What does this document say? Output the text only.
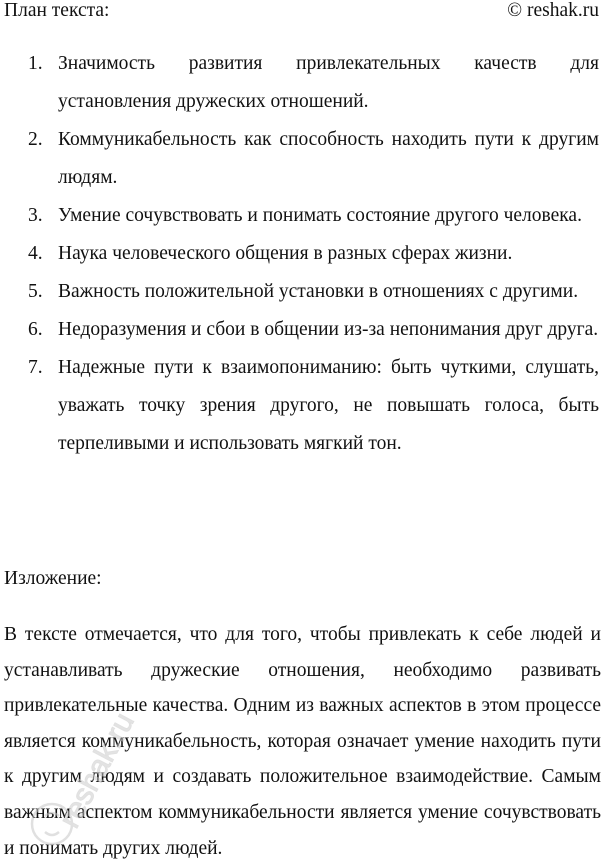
План текста:	© reshak.ru
1. Значимость развития привлекательных качеств для установления дружеских отношений.
2. Коммуникабельность как способность находить пути к другим людям.
3. Умение сочувствовать и понимать состояние другого человека.
4. Наука человеческого общения в разных сферах жизни.
5. Важность положительной установки в отношениях с другими.
6. Недоразумения и сбои в общении из-за непонимания друг друга.
7. Надежные пути к взаимопониманию: быть чуткими, слушать, уважать точку зрения другого, не повышать голоса, быть терпеливыми и использовать мягкий тон.
Изложение:

В тексте отмечается, что для того, чтобы привлекать к себе людей и устанавливать дружеские отношения, необходимо развивать привлекательные качества. Одним из важных аспектов в этом процессе является коммуникабельность, которая означает умение находить пути к другим людям и создавать положительное взаимодействие. Самым важным аспектом коммуникабельности является умение сочувствовать и понимать других людей.

reshak.ru
